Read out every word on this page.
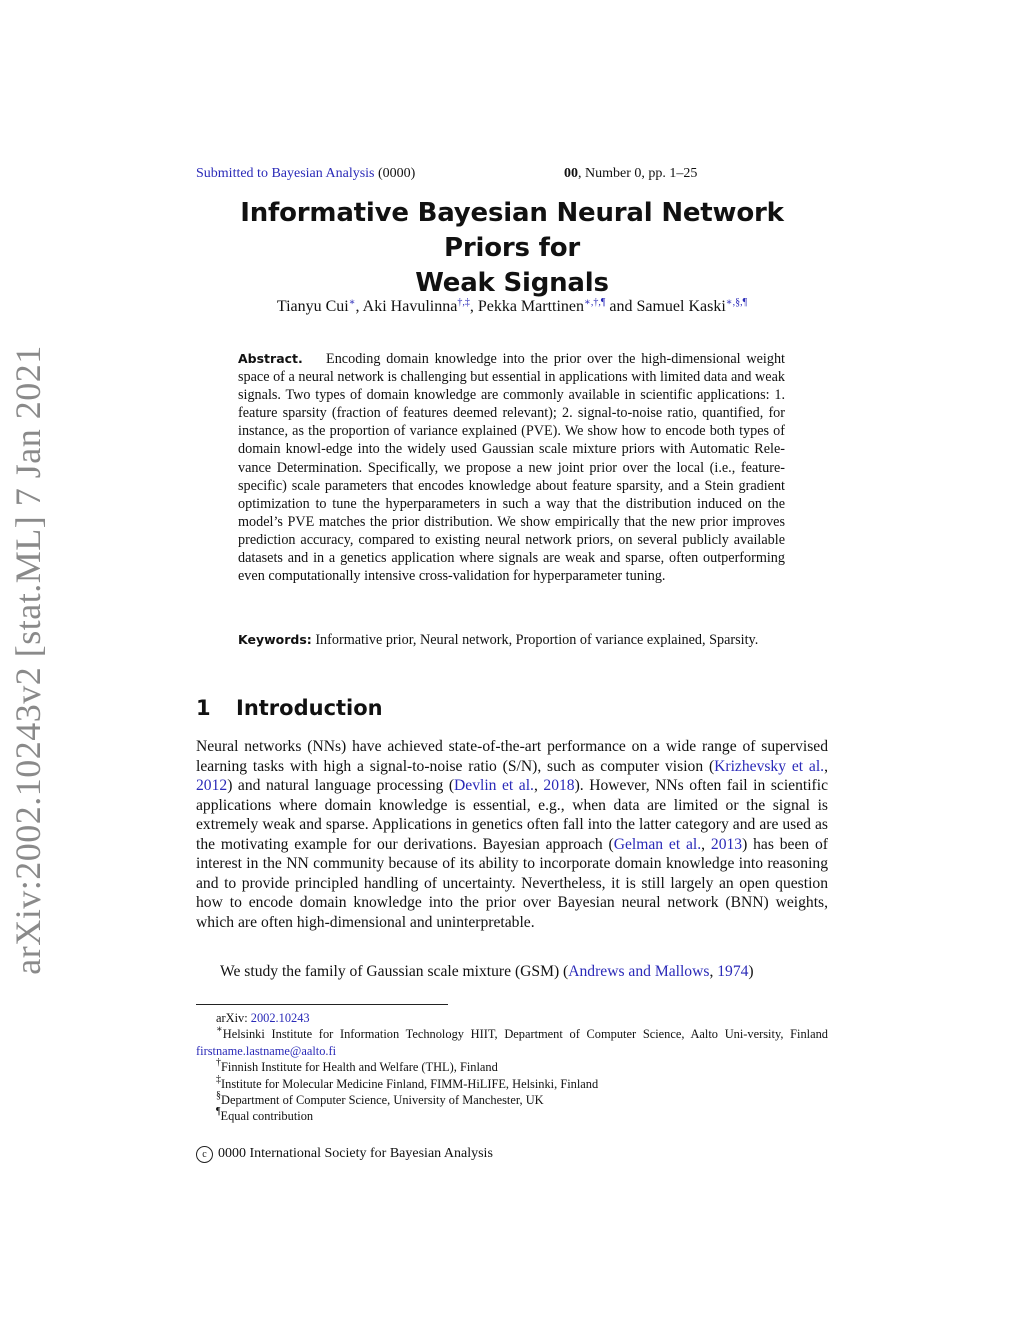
arXiv:2002.10243v2 [stat.ML] 7 Jan 2021
Submitted to Bayesian Analysis (0000)	00, Number 0, pp. 1–25
Informative Bayesian Neural Network Priors for
Weak Signals
Tianyu Cui∗, Aki Havulinna†,‡, Pekka Marttinen∗,†,¶ and Samuel Kaski∗,§,¶
Abstract. Encoding domain knowledge into the prior over the high-dimensional weight space of a neural network is challenging but essential in applications with limited data and weak signals. Two types of domain knowledge are commonly available in scientific applications: 1. feature sparsity (fraction of features deemed relevant); 2. signal-to-noise ratio, quantified, for instance, as the proportion of variance explained (PVE). We show how to encode both types of domain knowl-edge into the widely used Gaussian scale mixture priors with Automatic Rele-vance Determination. Specifically, we propose a new joint prior over the local (i.e., feature-specific) scale parameters that encodes knowledge about feature sparsity, and a Stein gradient optimization to tune the hyperparameters in such a way that the distribution induced on the model’s PVE matches the prior distribution. We show empirically that the new prior improves prediction accuracy, compared to existing neural network priors, on several publicly available datasets and in a genetics application where signals are weak and sparse, often outperforming even computationally intensive cross-validation for hyperparameter tuning.
Keywords: Informative prior, Neural network, Proportion of variance explained, Sparsity.
1 Introduction
Neural networks (NNs) have achieved state-of-the-art performance on a wide range of supervised learning tasks with high a signal-to-noise ratio (S/N), such as computer vision (Krizhevsky et al., 2012) and natural language processing (Devlin et al., 2018). However, NNs often fail in scientific applications where domain knowledge is essential, e.g., when data are limited or the signal is extremely weak and sparse. Applications in genetics often fall into the latter category and are used as the motivating example for our derivations. Bayesian approach (Gelman et al., 2013) has been of interest in the NN community because of its ability to incorporate domain knowledge into reasoning and to provide principled handling of uncertainty. Nevertheless, it is still largely an open question how to encode domain knowledge into the prior over Bayesian neural network (BNN) weights, which are often high-dimensional and uninterpretable.
We study the family of Gaussian scale mixture (GSM) (Andrews and Mallows, 1974)
arXiv: 2002.10243
∗Helsinki Institute for Information Technology HIIT, Department of Computer Science, Aalto Uni-versity, Finland firstname.lastname@aalto.fi
†Finnish Institute for Health and Welfare (THL), Finland
‡Institute for Molecular Medicine Finland, FIMM-HiLIFE, Helsinki, Finland
§Department of Computer Science, University of Manchester, UK
¶Equal contribution
c 0000 International Society for Bayesian Analysis
